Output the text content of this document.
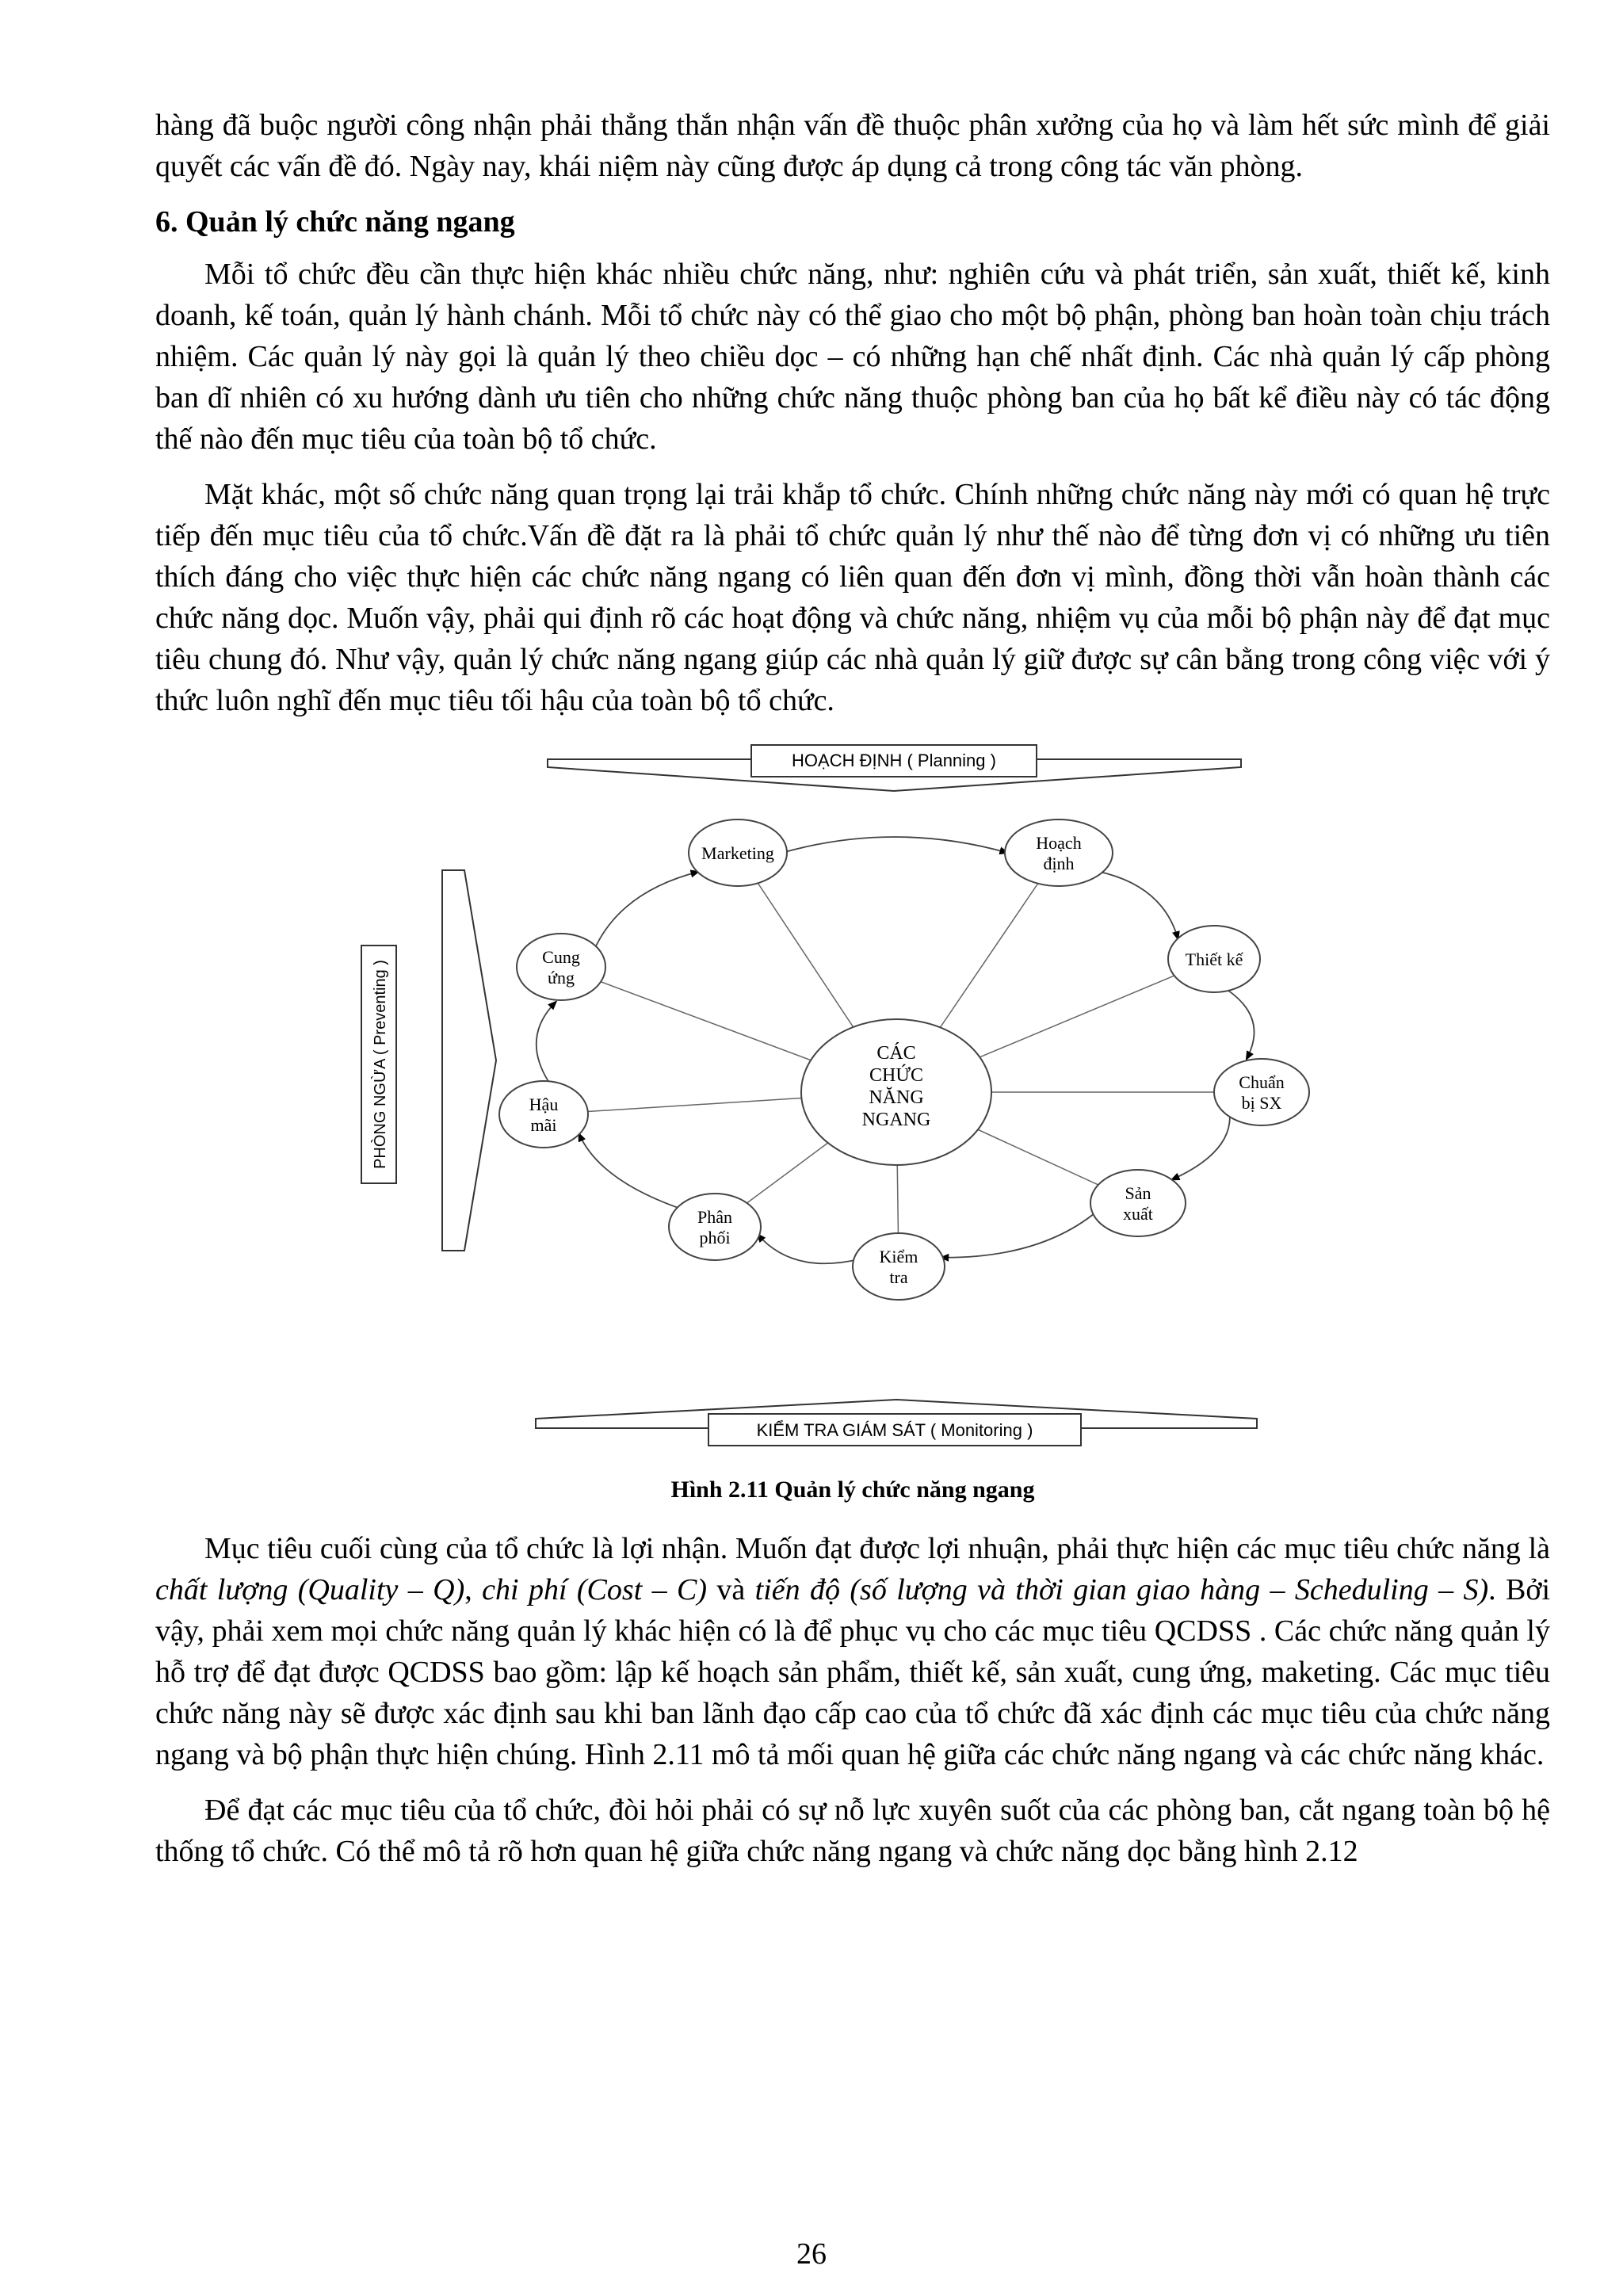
hàng đã buộc người công nhận phải thẳng thắn nhận vấn đề thuộc phân xưởng của họ và làm hết sức mình để giải quyết các vấn đề đó. Ngày nay, khái niệm này cũng được áp dụng cả trong công tác văn phòng.

6. Quản lý chức năng ngang

Mỗi tổ chức đều cần thực hiện khác nhiều chức năng, như: nghiên cứu và phát triển, sản xuất, thiết kế, kinh doanh, kế toán, quản lý hành chánh. Mỗi tổ chức này có thể giao cho một bộ phận, phòng ban hoàn toàn chịu trách nhiệm. Các quản lý này gọi là quản lý theo chiều dọc – có những hạn chế nhất định. Các nhà quản lý cấp phòng ban dĩ nhiên có xu hướng dành ưu tiên cho những chức năng thuộc phòng ban của họ bất kể điều này có tác động thế nào đến mục tiêu của toàn bộ tổ chức.

Mặt khác, một số chức năng quan trọng lại trải khắp tổ chức. Chính những chức năng này mới có quan hệ trực tiếp đến mục tiêu của tổ chức.Vấn đề đặt ra là phải tổ chức quản lý như thế nào để từng đơn vị có những ưu tiên thích đáng cho việc thực hiện các chức năng ngang có liên quan đến đơn vị mình, đồng thời vẫn hoàn thành các chức năng dọc. Muốn vậy, phải qui định rõ các hoạt động và chức năng, nhiệm vụ của mỗi bộ phận này để đạt mục tiêu chung đó. Như vậy, quản lý chức năng ngang giúp các nhà quản lý giữ được sự cân bằng trong công việc với ý thức luôn nghĩ đến mục tiêu tối hậu của toàn bộ tổ chức.

HOẠCH ĐỊNH ( Planning )
KIỂM TRA GIÁM SÁT ( Monitoring )
PHÒNG NGỪA ( Preventing )
Marketing
Hoạch
định
Thiết kế
Chuẩn
bị SX
Sản
xuất
Kiểm
tra
Phân
phối
Hậu
mãi
Cung
ứng
CÁC
CHỨC
NĂNG
NGANG
Hình 2.11 Quản lý chức năng ngang

Mục tiêu cuối cùng của tổ chức là lợi nhận. Muốn đạt được lợi nhuận, phải thực hiện các mục tiêu chức năng là chất lượng (Quality – Q), chi phí (Cost – C) và tiến độ (số lượng và thời gian giao hàng – Scheduling – S). Bởi vậy, phải xem mọi chức năng quản lý khác hiện có là để phục vụ cho các mục tiêu QCDSS . Các chức năng quản lý hỗ trợ để đạt được QCDSS bao gồm: lập kế hoạch sản phẩm, thiết kế, sản xuất, cung ứng, maketing. Các mục tiêu chức năng này sẽ được xác định sau khi ban lãnh đạo cấp cao của tổ chức đã xác định các mục tiêu của chức năng ngang và bộ phận thực hiện chúng. Hình 2.11 mô tả mối quan hệ giữa các chức năng ngang và các chức năng khác.

Để đạt các mục tiêu của tổ chức, đòi hỏi phải có sự nỗ lực xuyên suốt của các phòng ban, cắt ngang toàn bộ hệ thống tổ chức. Có thể mô tả rõ hơn quan hệ giữa chức năng ngang và chức năng dọc bằng hình 2.12

26
